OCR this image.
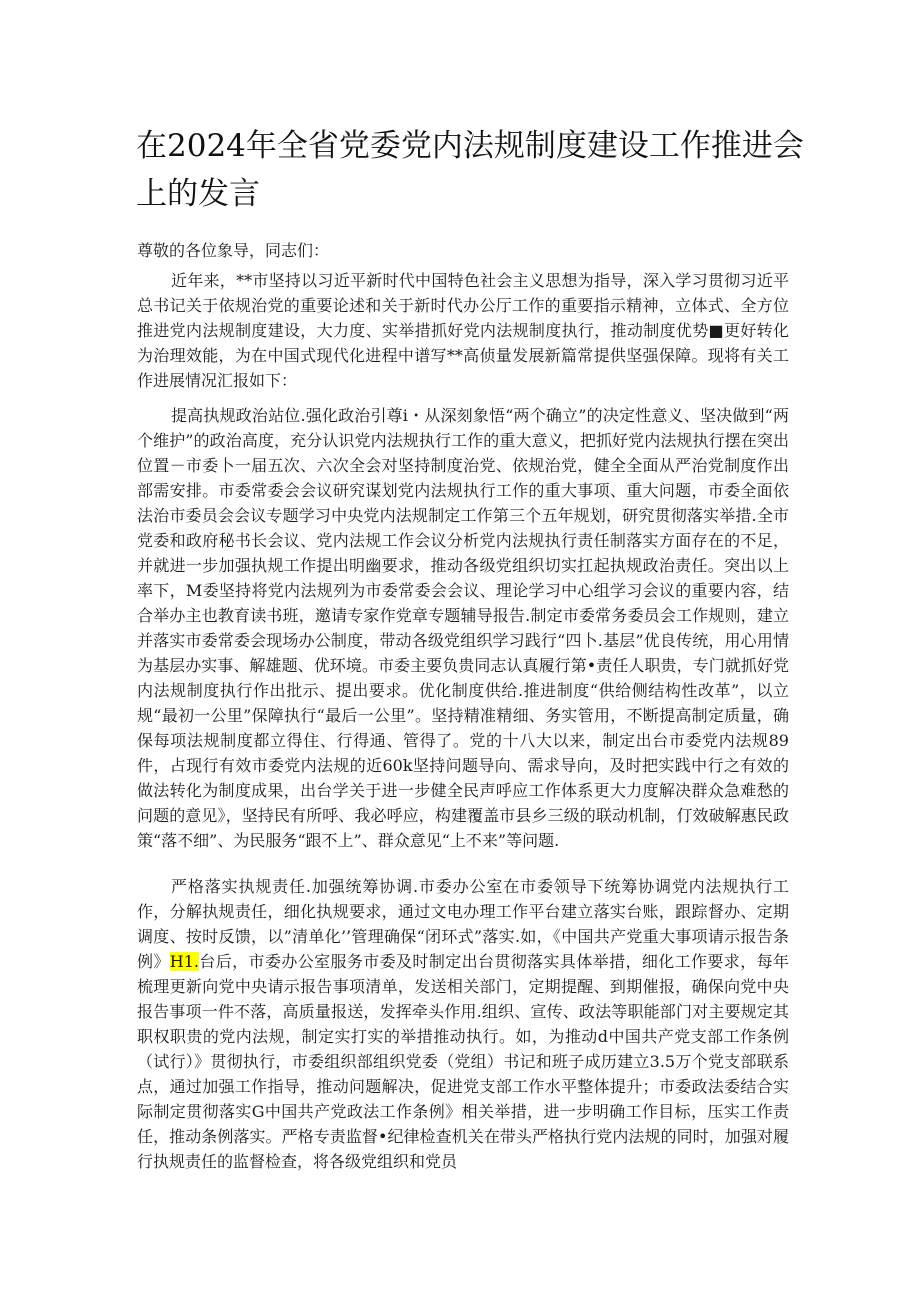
在2024年全省党委党内法规制度建设工作推进会上的发言
尊敬的各位象导，同志们：
近年来，**市坚持以习近平新时代中国特色社会主义思想为指导，深入学习贯彻习近平总书记关于依规治党的重要论述和关于新时代办公厅工作的重要指示精神，立体式、全方位推进党内法规制度建设，大力度、实举措抓好党内法规制度执行，推动制度优势■更好转化为治理效能，为在中国式现代化进程中谱写**高侦量发展新篇常提供坚强保障。现将有关工作进展情况汇报如下：
提高执规政治站位.强化政治引尊i・从深刻象悟“两个确立”的决定性意义、坚决做到“两个维护”的政治高度，充分认识党内法规执行工作的重大意义，把抓好党内法规执行摆在突出位置－市委卜一届五次、六次全会对坚持制度治党、依规治党，健全全面从严治党制度作出部需安排。市委常委会会议研究谋划党内法规执行工作的重大事项、重大问题，市委全面依法治市委员会会议专题学习中央党内法规制定工作第三个五年规划，研究贯彻落实举措.全市党委和政府秘书长会议、党内法规工作会议分析党内法规执行责任制落实方面存在的不足，并就进一步加强执规工作提出明幽要求，推动各级党组织切实扛起执规政治责任。突出以上率下，M委坚持将党内法规列为市委常委会会议、理论学习中心组学习会议的重要内容，结合举办主也教育读书班，邀请专家作党章专题辅导报告.制定市委常务委员会工作规则，建立并落实市委常委会现场办公制度，带动各级党组织学习践行“四卜.基层”优良传统，用心用情为基层办实事、解雄题、优环境。市委主要负贵同志认真履行第•责任人职贵，专门就抓好党内法规制度执行作出批示、提出要求。优化制度供给.推进制度“供给侧结构性改革”，以立规“最初一公里”保障执行“最后一公里”。坚持精准精细、务实管用，不断提高制定质量，确保每项法规制度都立得住、行得通、管得了。党的十八大以来，制定出台市委党内法规89件，占现行有效市委党内法规的近60k坚持问题导向、需求导向，及时把实践中行之有效的做法转化为制度成果，出台学关于进一步健全民声呼应工作体系更大力度解决群众急难愁的问题的意见》，坚持民有所呼、我必呼应，构建覆盖市县乡三级的联动机制，仃效破解惠民政策“落不细”、为民服务“跟不上”、群众意见“上不来”等问题.
严格落实执规责任.加强统筹协调.市委办公室在市委领导下统筹协调党内法规执行工作，分解执规责任，细化执规要求，通过文电办理工作平台建立落实台账，跟踪督办、定期调度、按时反馈，以”清单化’’管理确保“闭环式”落实.如，《中国共产党重大事项请示报告条例》H1.台后，市委办公室服务市委及时制定出台贯彻落实具体举措，细化工作要求，每年梳理更新向党中央请示报告事项清单，发送相关部门，定期提醒、到期催报，确保向党中央报告事项一件不落，高质量报送，发挥牵头作用.组织、宣传、政法等职能部门对主要规定其职权职贵的党内法规，制定实打实的举措推动执行。如，为推动d中国共产党支部工作条例（试行）》贯彻执行，市委组织部组织党委（党组）书记和班子成历建立3.5万个党支部联系点，通过加强工作指导，推动问题解决，促进党支部工作水平整体提升；市委政法委结合实际制定贯彻落实G中国共产党政法工作条例》相关举措，进一步明确工作目标，压实工作责任，推动条例落实。严格专责监督•纪律检查机关在带头严格执行党内法规的同时，加强对履行执规责任的监督检查，将各级党组织和党员
